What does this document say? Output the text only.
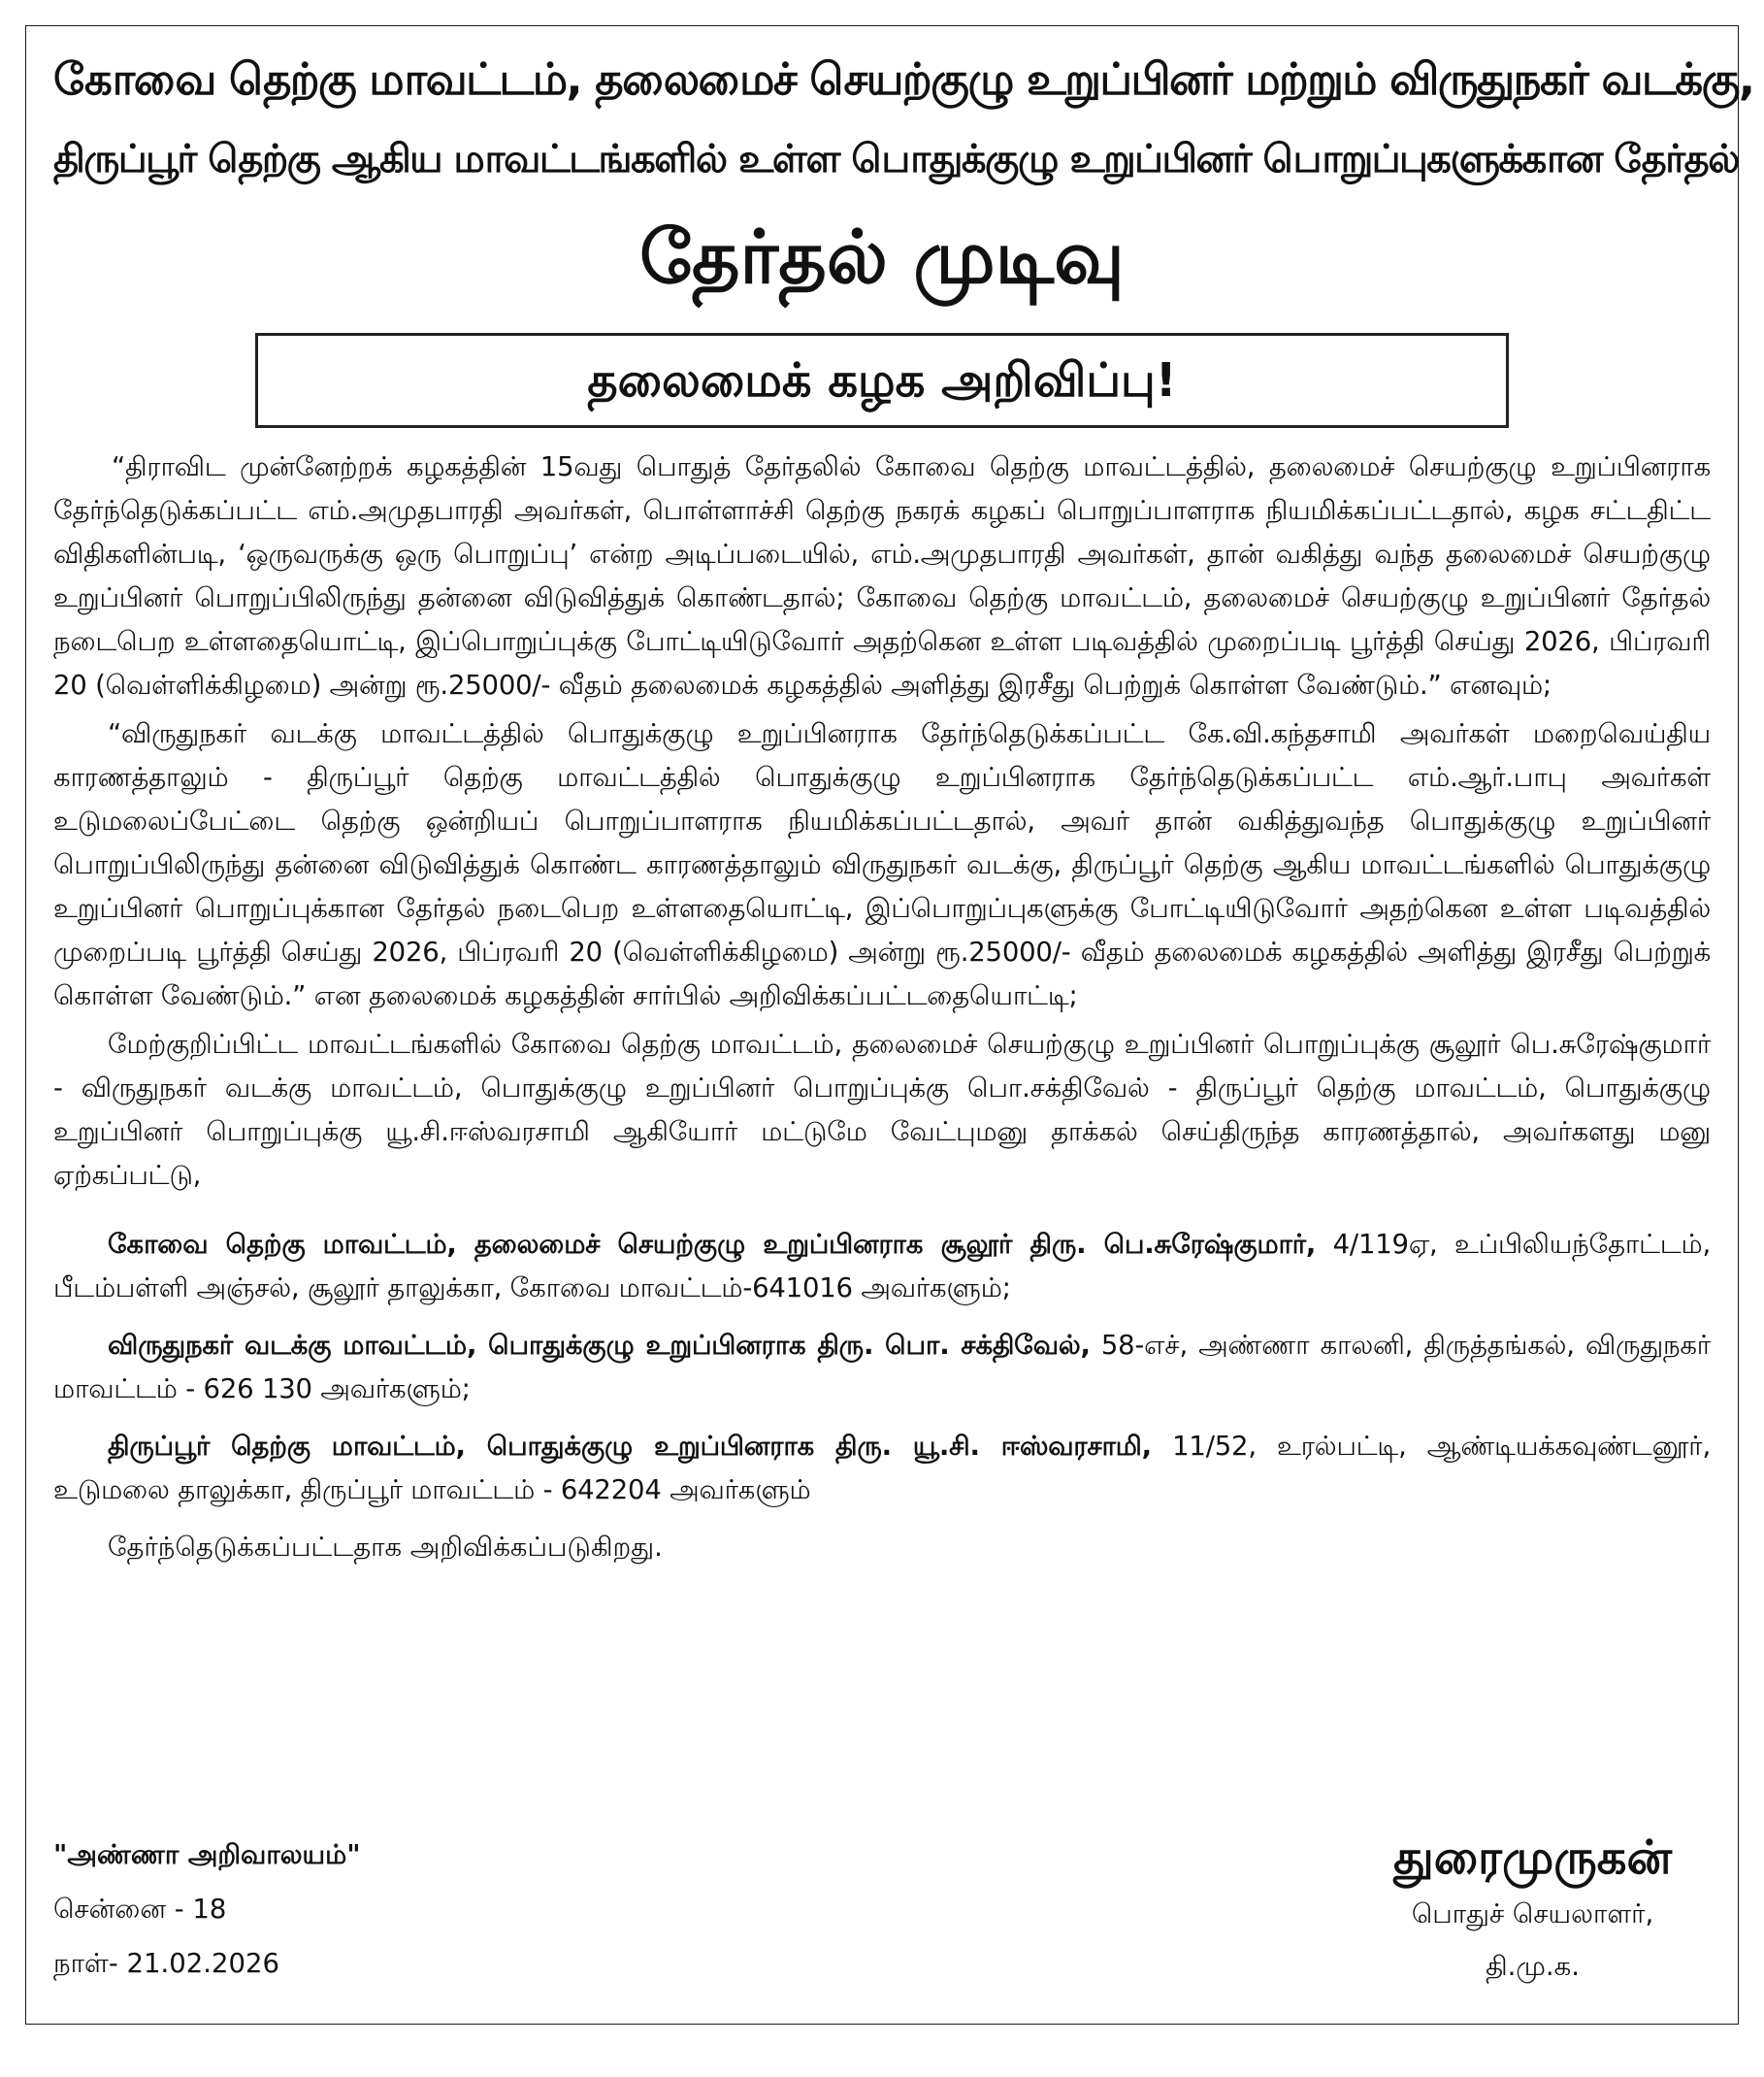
கோவை தெற்கு மாவட்டம், தலைமைச் செயற்குழு உறுப்பினர் மற்றும் விருதுநகர் வடக்கு,
திருப்பூர் தெற்கு ஆகிய மாவட்டங்களில் உள்ள பொதுக்குழு உறுப்பினர் பொறுப்புகளுக்கான தேர்தல்
தேர்தல் முடிவு
தலைமைக் கழக அறிவிப்பு!

“திராவிட முன்னேற்றக் கழகத்தின் 15வது பொதுத் தேர்தலில் கோவை தெற்கு மாவட்டத்தில், தலைமைச் செயற்குழு உறுப்பினராக தேர்ந்தெடுக்கப்பட்ட எம்.அமுதபாரதி அவர்கள், பொள்ளாச்சி தெற்கு நகரக் கழகப் பொறுப்பாளராக நியமிக்கப்பட்டதால், கழக சட்டதிட்ட விதிகளின்படி, ‘ஒருவருக்கு ஒரு பொறுப்பு’ என்ற அடிப்படையில், எம்.அமுதபாரதி அவர்கள், தான் வகித்து வந்த தலைமைச் செயற்குழு உறுப்பினர் பொறுப்பிலிருந்து தன்னை விடுவித்துக் கொண்டதால்; கோவை தெற்கு மாவட்டம், தலைமைச் செயற்குழு உறுப்பினர் தேர்தல் நடைபெற உள்ளதையொட்டி, இப்பொறுப்புக்கு போட்டியிடுவோர் அதற்கென உள்ள படிவத்தில் முறைப்படி பூர்த்தி செய்து 2026, பிப்ரவரி 20 (வெள்ளிக்கிழமை) அன்று ரூ.25000/- வீதம் தலைமைக் கழகத்தில் அளித்து இரசீது பெற்றுக் கொள்ள வேண்டும்.” எனவும்;

“விருதுநகர் வடக்கு மாவட்டத்தில் பொதுக்குழு உறுப்பினராக தேர்ந்தெடுக்கப்பட்ட கே.வி.கந்தசாமி அவர்கள் மறைவெய்திய காரணத்தாலும் - திருப்பூர் தெற்கு மாவட்டத்தில் பொதுக்குழு உறுப்பினராக தேர்ந்தெடுக்கப்பட்ட எம்.ஆர்.பாபு அவர்கள் உடுமலைப்பேட்டை தெற்கு ஒன்றியப் பொறுப்பாளராக நியமிக்கப்பட்டதால், அவர் தான் வகித்துவந்த பொதுக்குழு உறுப்பினர் பொறுப்பிலிருந்து தன்னை விடுவித்துக் கொண்ட காரணத்தாலும் விருதுநகர் வடக்கு, திருப்பூர் தெற்கு ஆகிய மாவட்டங்களில் பொதுக்குழு உறுப்பினர் பொறுப்புக்கான தேர்தல் நடைபெற உள்ளதையொட்டி, இப்பொறுப்புகளுக்கு போட்டியிடுவோர் அதற்கென உள்ள படிவத்தில் முறைப்படி பூர்த்தி செய்து 2026, பிப்ரவரி 20 (வெள்ளிக்கிழமை) அன்று ரூ.25000/- வீதம் தலைமைக் கழகத்தில் அளித்து இரசீது பெற்றுக் கொள்ள வேண்டும்.” என தலைமைக் கழகத்தின் சார்பில் அறிவிக்கப்பட்டதையொட்டி;

மேற்குறிப்பிட்ட மாவட்டங்களில் கோவை தெற்கு மாவட்டம், தலைமைச் செயற்குழு உறுப்பினர் பொறுப்புக்கு சூலூர் பெ.சுரேஷ்குமார் - விருதுநகர் வடக்கு மாவட்டம், பொதுக்குழு உறுப்பினர் பொறுப்புக்கு பொ.சக்திவேல் - திருப்பூர் தெற்கு மாவட்டம், பொதுக்குழு உறுப்பினர் பொறுப்புக்கு யூ.சி.ஈஸ்வரசாமி ஆகியோர் மட்டுமே வேட்புமனு தாக்கல் செய்திருந்த காரணத்தால், அவர்களது மனு ஏற்கப்பட்டு,

கோவை தெற்கு மாவட்டம், தலைமைச் செயற்குழு உறுப்பினராக சூலூர் திரு. பெ.சுரேஷ்குமார், 4/119ஏ, உப்பிலியந்தோட்டம், பீடம்பள்ளி அஞ்சல், சூலூர் தாலுக்கா, கோவை மாவட்டம்-641016 அவர்களும்;

விருதுநகர் வடக்கு மாவட்டம், பொதுக்குழு உறுப்பினராக திரு. பொ. சக்திவேல், 58-எச், அண்ணா காலனி, திருத்தங்கல், விருதுநகர் மாவட்டம் - 626 130 அவர்களும்;

திருப்பூர் தெற்கு மாவட்டம், பொதுக்குழு உறுப்பினராக திரு. யூ.சி. ஈஸ்வரசாமி, 11/52, உரல்பட்டி, ஆண்டியக்கவுண்டனூர், உடுமலை தாலுக்கா, திருப்பூர் மாவட்டம் - 642204 அவர்களும்

தேர்ந்தெடுக்கப்பட்டதாக அறிவிக்கப்படுகிறது.

"அண்ணா அறிவாலயம்"
சென்னை - 18
நாள்- 21.02.2026
துரைமுருகன்
பொதுச் செயலாளர்,
தி.மு.க.
